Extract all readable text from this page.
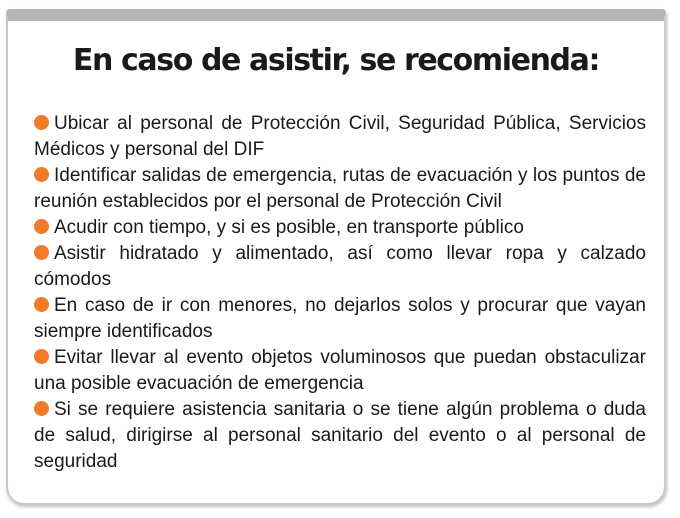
En caso de asistir, se recomienda:
Ubicar al personal de Protección Civil, Seguridad Pública, Servicios Médicos y personal del DIF
Identificar salidas de emergencia, rutas de evacuación y los puntos de reunión establecidos por el personal de Protección Civil
Acudir con tiempo, y si es posible, en transporte público
Asistir hidratado y alimentado, así como llevar ropa y calzado cómodos
En caso de ir con menores, no dejarlos solos y procurar que vayan siempre identificados
Evitar llevar al evento objetos voluminosos que puedan obstaculizar una posible evacuación de emergencia
Si se requiere asistencia sanitaria o se tiene algún problema o duda de salud, dirigirse al personal sanitario del evento o al personal de seguridad
